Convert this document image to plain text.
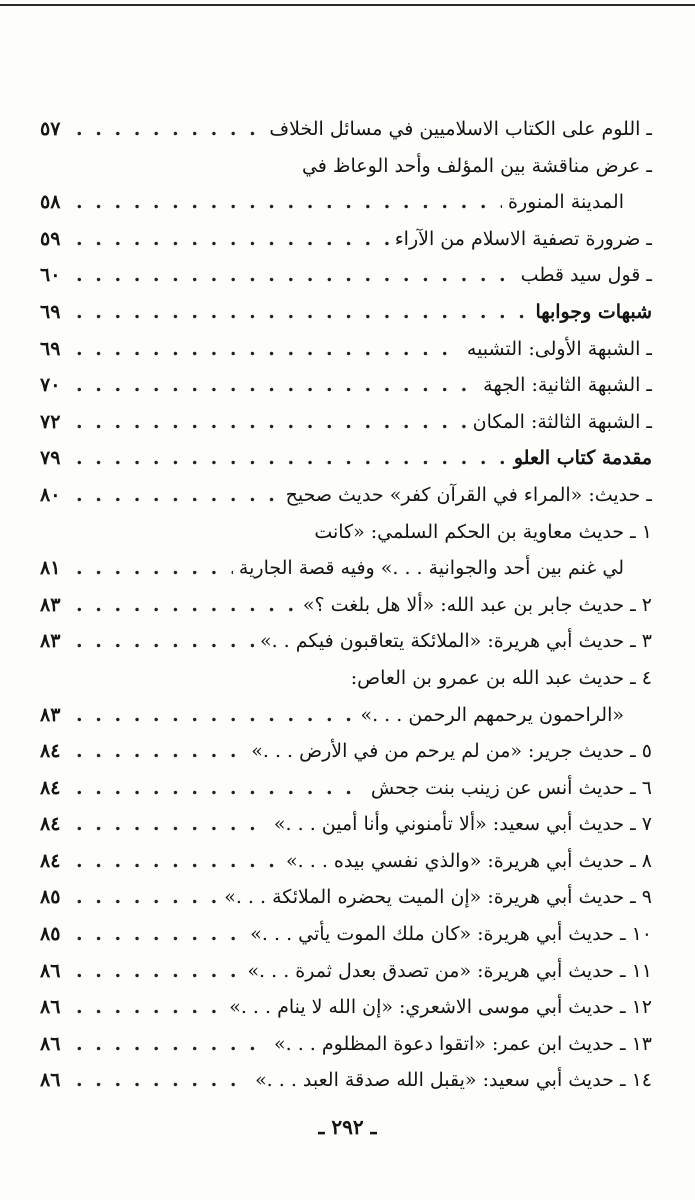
ـ اللوم على الكتاب الاسلاميين في مسائل الخلاف
. . .
٥٧
ـ عرض مناقشة بين المؤلف وأحد الوعاظ في
المدينة المنورة
. . .
٥٨
ـ ضرورة تصفية الاسلام من الآراء
. . .
٥٩
ـ قول سيد قطب
. . .
٦٠
شبهات وجوابها
. . .
٦٩
ـ الشبهة الأولى: التشبيه
. . .
٦٩
ـ الشبهة الثانية: الجهة
. . .
٧٠
ـ الشبهة الثالثة: المكان
. . .
٧٢
مقدمة كتاب العلو
. . .
٧٩
ـ حديث: «المراء في القرآن كفر» حديث صحيح
. . .
٨٠
١ ـ حديث معاوية بن الحكم السلمي: «كانت
لي غنم بين أحد والجوانية . . .» وفيه قصة الجارية
. . .
٨١
٢ ـ حديث جابر بن عبد الله: «ألا هل بلغت ؟»
. . .
٨٣
٣ ـ حديث أبي هريرة: «الملائكة يتعاقبون فيكم . .»
. . .
٨٣
٤ ـ حديث عبد الله بن عمرو بن العاص:
«الراحمون يرحمهم الرحمن . . .»
. . .
٨٣
٥ ـ حديث جرير: «من لم يرحم من في الأرض . . .»
. . .
٨٤
٦ ـ حديث أنس عن زينب بنت جحش
. . .
٨٤
٧ ـ حديث أبي سعيد: «ألا تأمنوني وأنا أمين . . .»
. . .
٨٤
٨ ـ حديث أبي هريرة: «والذي نفسي بيده . . .»
. . .
٨٤
٩ ـ حديث أبي هريرة: «إن الميت يحضره الملائكة . . .»
. . .
٨٥
١٠ ـ حديث أبي هريرة: «كان ملك الموت يأتي . . .»
. . .
٨٥
١١ ـ حديث أبي هريرة: «من تصدق بعدل ثمرة . . .»
. . .
٨٦
١٢ ـ حديث أبي موسى الاشعري: «إن الله لا ينام . . .»
. . .
٨٦
١٣ ـ حديث ابن عمر: «اتقوا دعوة المظلوم . . .»
. . .
٨٦
١٤ ـ حديث أبي سعيد: «يقبل الله صدقة العبد . . .»
. . .
٨٦
ـ ٢٩٢ ـ
